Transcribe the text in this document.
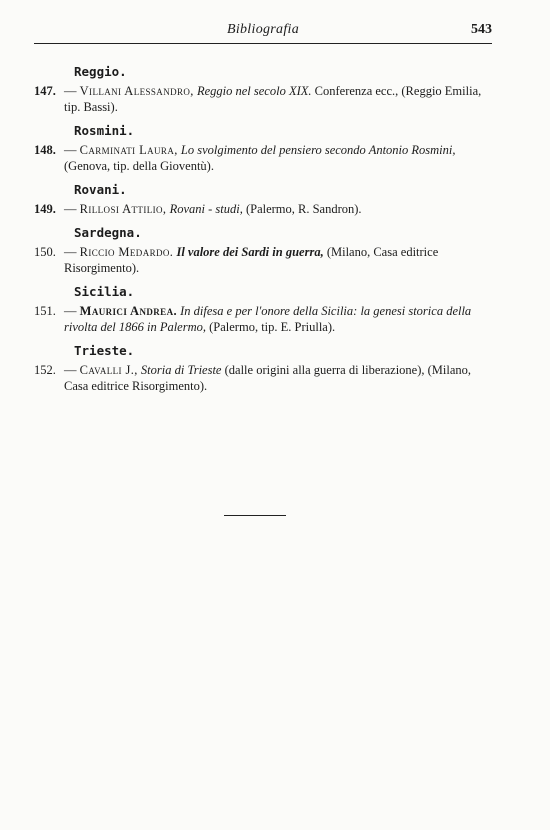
Bibliografia	543
Reggio.
147. — Villani Alessandro, Reggio nel secolo XIX. Conferenza ecc., (Reggio Emilia, tip. Bassi).
Rosmini.
148. — Carminati Laura, Lo svolgimento del pensiero secondo Antonio Rosmini, (Genova, tip. della Gioventù).
Rovani.
149. — Rillosi Attilio, Rovani - studi, (Palermo, R. Sandron).
Sardegna.
150. — Riccio Medardo. Il valore dei Sardi in guerra, (Milano, Casa editrice Risorgimento).
Sicilia.
151. — Maurici Andrea. In difesa e per l'onore della Sicilia: la genesi storica della rivolta del 1866 in Palermo, (Palermo, tip. E. Priulla).
Trieste.
152. — Cavalli J., Storia di Trieste (dalle origini alla guerra di liberazione), (Milano, Casa editrice Risorgimento).
